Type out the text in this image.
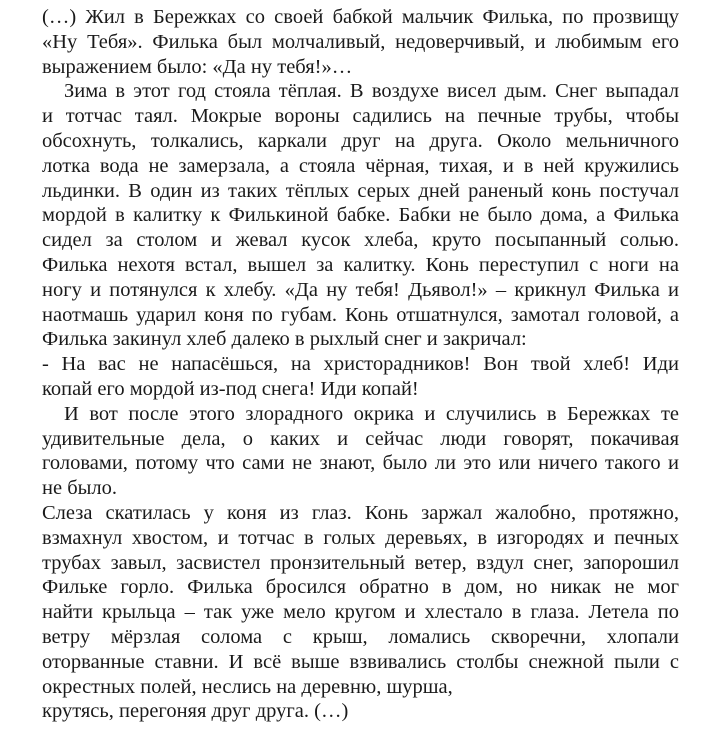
(…) Жил в Бережках со своей бабкой мальчик Филька, по прозвищу
«Ну Тебя». Филька был молчаливый, недоверчивый, и любимым его
выражением было: «Да ну тебя!»…
Зима в этот год стояла тёплая. В воздухе висел дым. Снег выпадал
и тотчас таял. Мокрые вороны садились на печные трубы, чтобы
обсохнуть, толкались, каркали друг на друга. Около мельничного
лотка вода не замерзала, а стояла чёрная, тихая, и в ней кружились
льдинки. В один из таких тёплых серых дней раненый конь постучал
мордой в калитку к Филькиной бабке. Бабки не было дома, а Филька
сидел за столом и жевал кусок хлеба, круто посыпанный солью.
Филька нехотя встал, вышел за калитку. Конь переступил с ноги на
ногу и потянулся к хлебу. «Да ну тебя! Дьявол!» – крикнул Филька и
наотмашь ударил коня по губам. Конь отшатнулся, замотал головой, а
Филька закинул хлеб далеко в рыхлый снег и закричал:
- На вас не напасёшься, на христорадников! Вон твой хлеб! Иди
копай его мордой из-под снега! Иди копай!
И вот после этого злорадного окрика и случились в Бережках те
удивительные дела, о каких и сейчас люди говорят, покачивая
головами, потому что сами не знают, было ли это или ничего такого и
не было.
Слеза скатилась у коня из глаз. Конь заржал жалобно, протяжно,
взмахнул хвостом, и тотчас в голых деревьях, в изгородях и печных
трубах завыл, засвистел пронзительный ветер, вздул снег, запорошил
Фильке горло. Филька бросился обратно в дом, но никак не мог
найти крыльца – так уже мело кругом и хлестало в глаза. Летела по
ветру мёрзлая солома с крыш, ломались скворечни, хлопали
оторванные ставни. И всё выше взвивались столбы снежной пыли с
окрестных полей, неслись на деревню, шурша,
крутясь, перегоняя друг друга. (…)
